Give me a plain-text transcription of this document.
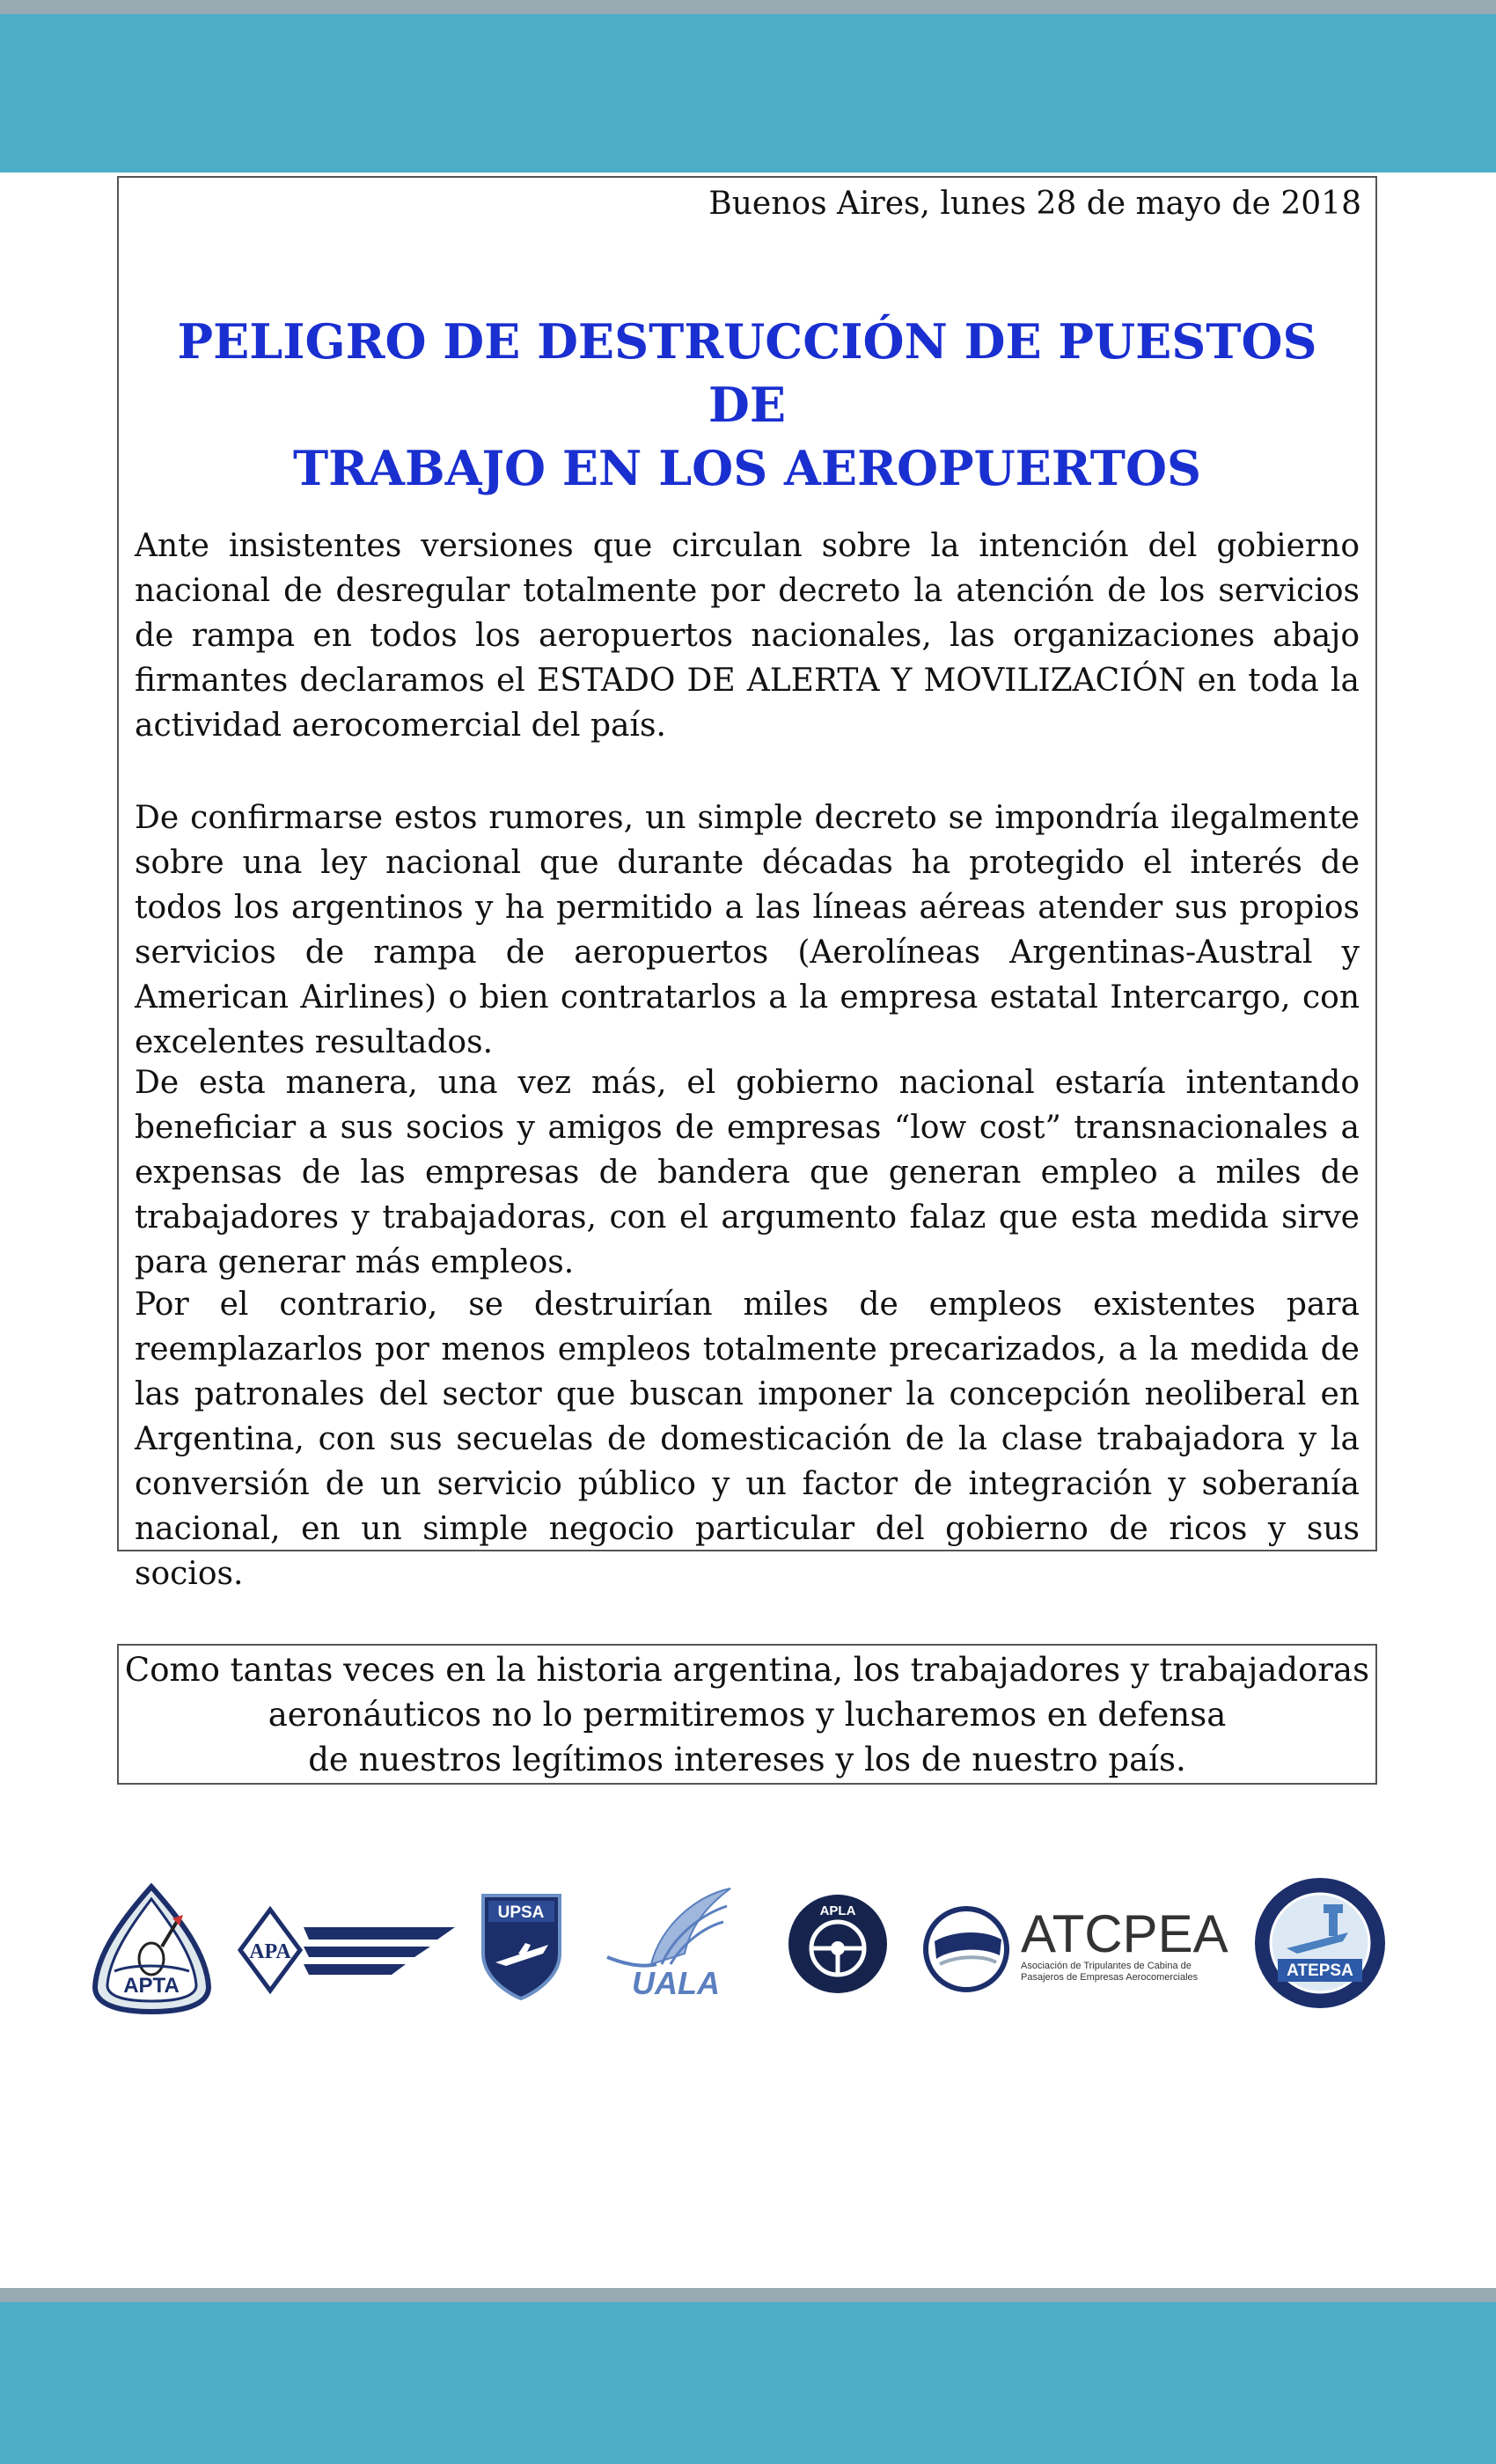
Buenos Aires, lunes 28 de mayo de 2018
PELIGRO DE DESTRUCCIÓN DE PUESTOS DE
TRABAJO EN LOS AEROPUERTOS

Ante insistentes versiones que circulan sobre la intención del gobierno nacional de desregular totalmente por decreto la atención de los servicios de rampa en todos los aeropuertos nacionales, las organizaciones abajo firmantes declaramos el ESTADO DE ALERTA Y MOVILIZACIÓN en toda la actividad aerocomercial del país.

De confirmarse estos rumores, un simple decreto se impondría ilegalmente sobre una ley nacional que durante décadas ha protegido el interés de todos los argentinos y ha permitido a las líneas aéreas atender sus propios servicios de rampa de aeropuertos (Aerolíneas Argentinas-Austral y American Airlines) o bien contratarlos a la empresa estatal Intercargo, con excelentes resultados.

De esta manera, una vez más, el gobierno nacional estaría intentando beneficiar a sus socios y amigos de empresas “low cost” transnacionales a expensas de las empresas de bandera que generan empleo a miles de trabajadores y trabajadoras, con el argumento falaz que esta medida sirve para generar más empleos.

Por el contrario, se destruirían miles de empleos existentes para reemplazarlos por menos empleos totalmente precarizados, a la medida de las patronales del sector que buscan imponer la concepción neoliberal en Argentina, con sus secuelas de domesticación de la clase trabajadora y la conversión de un servicio público y un factor de integración y soberanía nacional, en un simple negocio particular del gobierno de ricos y sus socios.

Como tantas veces en la historia argentina, los trabajadores y trabajadoras
aeronáuticos no lo permitiremos y lucharemos en defensa
de nuestros legítimos intereses y los de nuestro país.
APTA
APA
UPSA
UALA
APLA	ATCPEA
Asociación de Tripulantes de Cabina de Pasajeros de Empresas Aerocomerciales	ATEPSA
